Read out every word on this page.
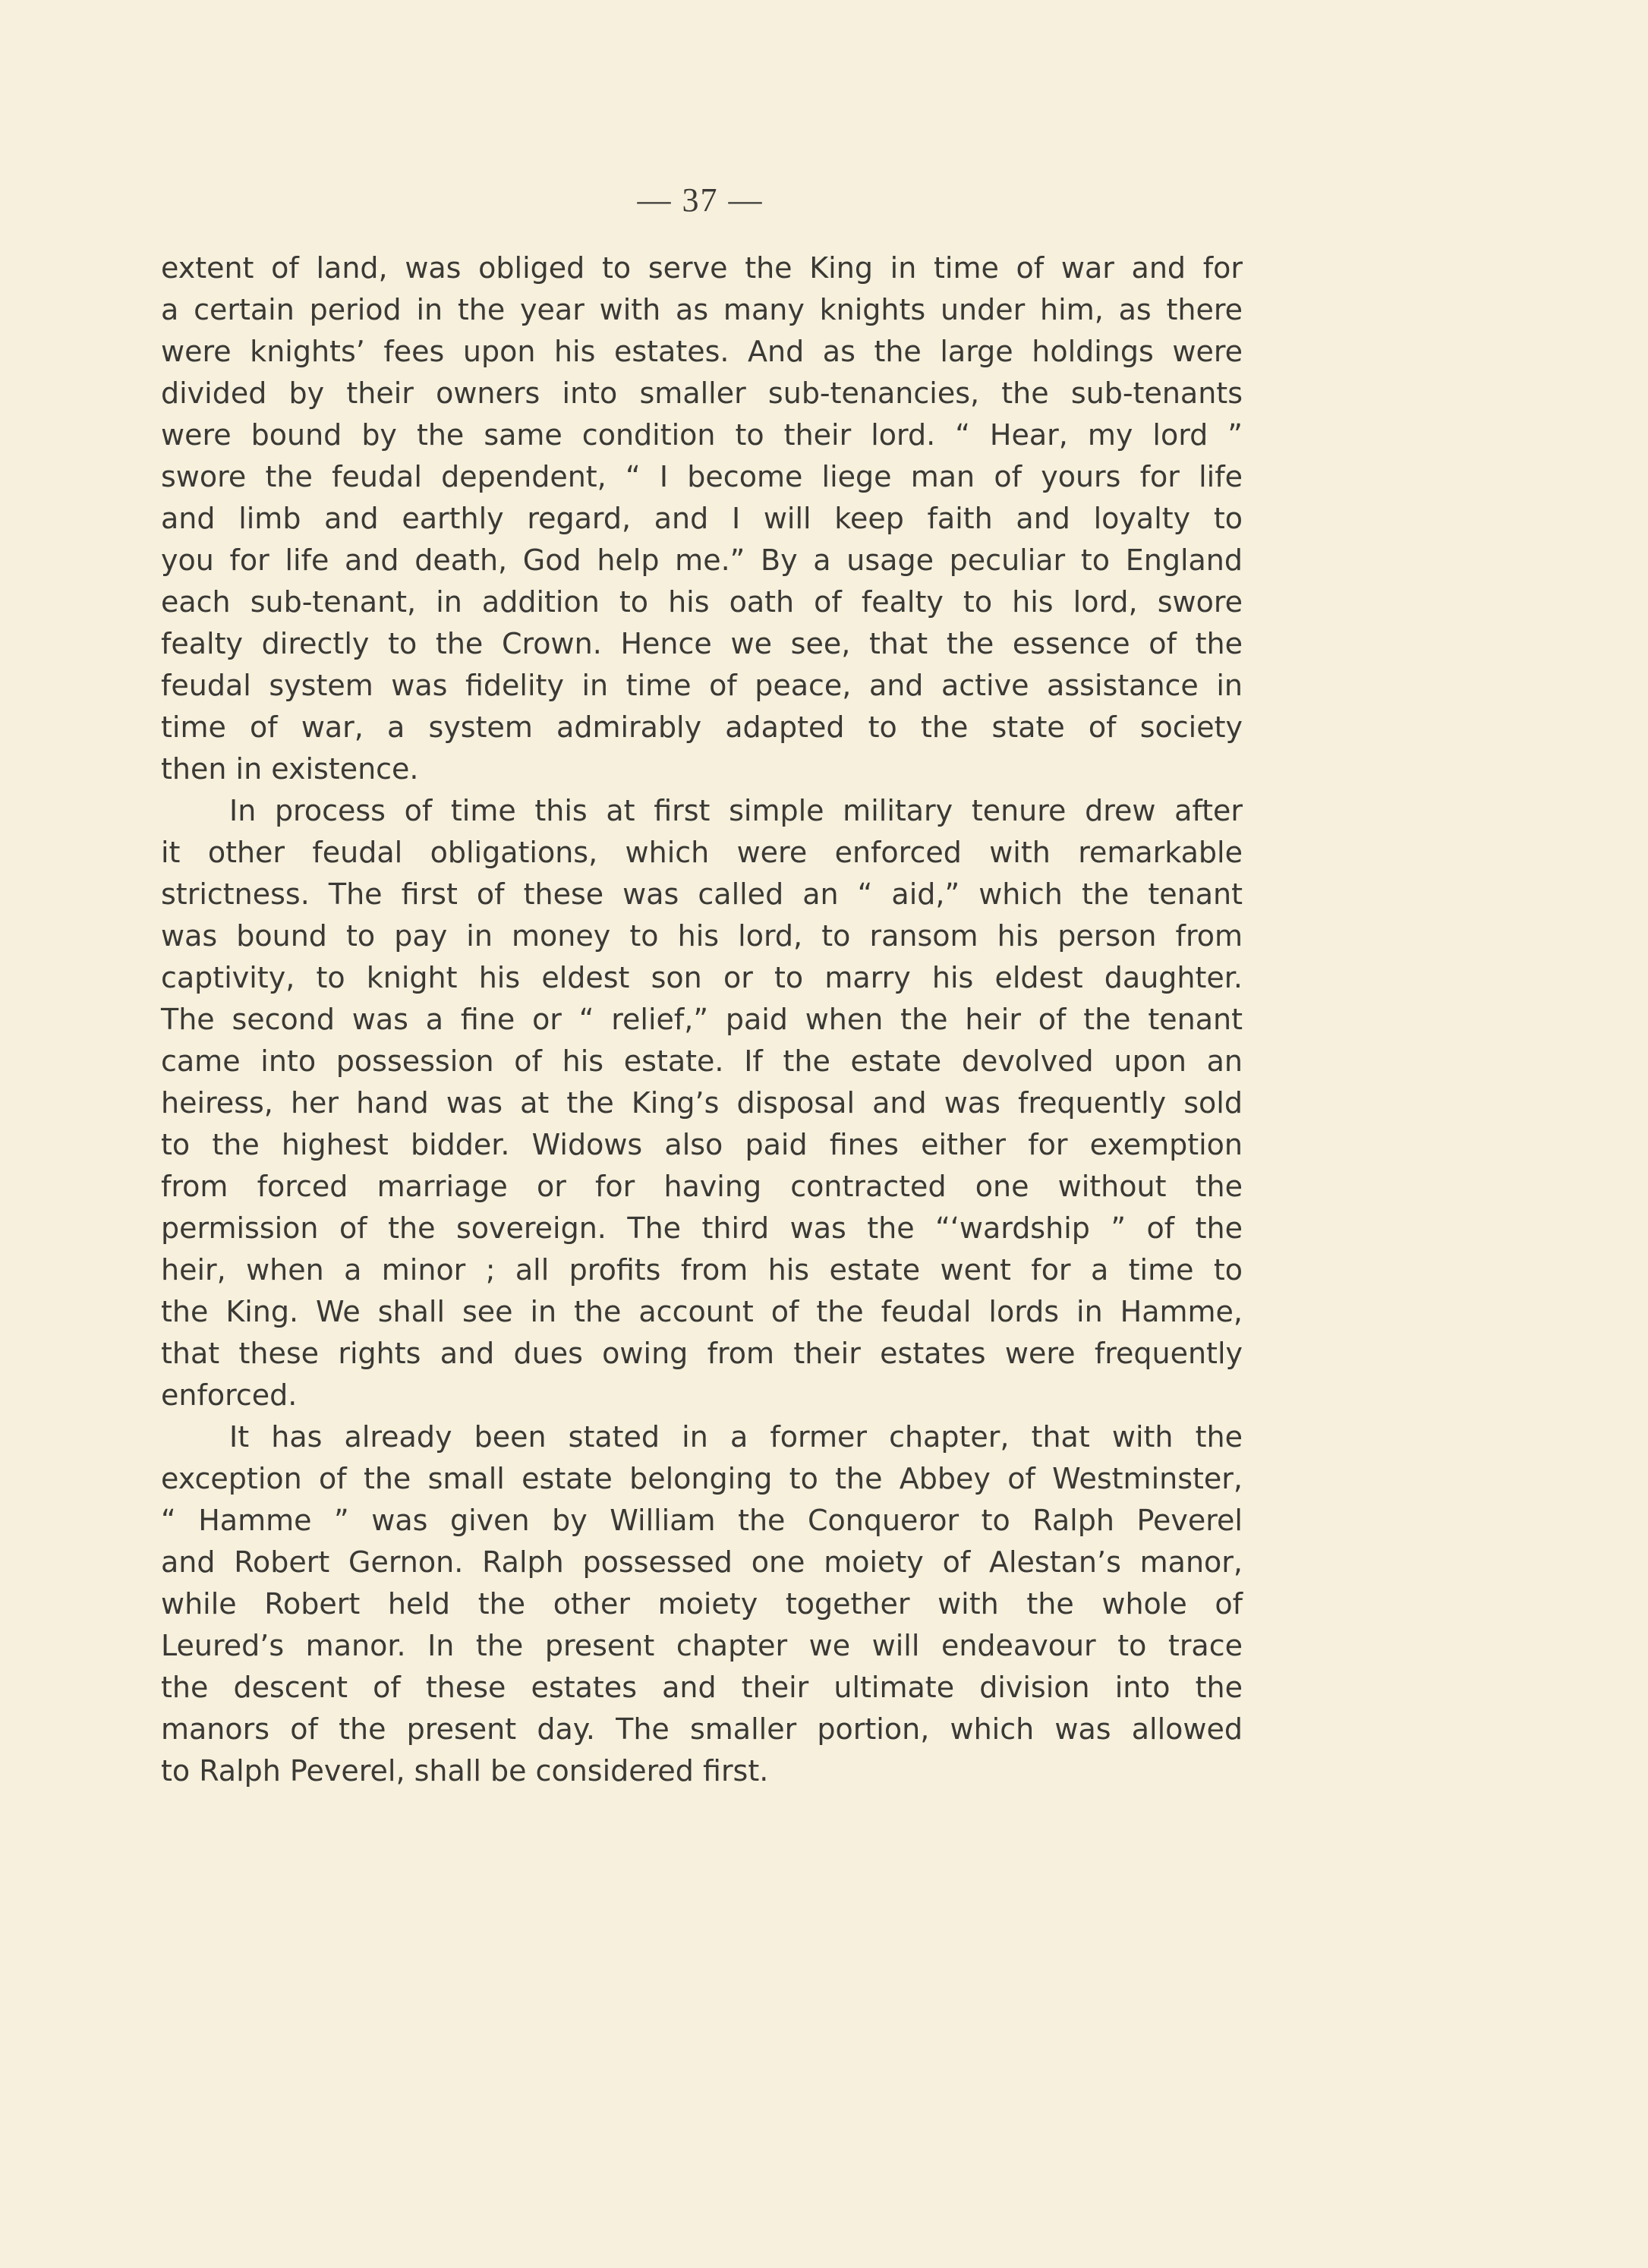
— 37 —
extent of land, was obliged to serve the King in time of war and for
a certain period in the year with as many knights under him, as there
were knights’ fees upon his estates. And as the large holdings were
divided by their owners into smaller sub-tenancies, the sub-tenants
were bound by the same condition to their lord. “ Hear, my lord ”
swore the feudal dependent, “ I become liege man of yours for life
and limb and earthly regard, and I will keep faith and loyalty to
you for life and death, God help me.” By a usage peculiar to England
each sub-tenant, in addition to his oath of fealty to his lord, swore
fealty directly to the Crown. Hence we see, that the essence of the
feudal system was fidelity in time of peace, and active assistance in
time of war, a system admirably adapted to the state of society
then in existence.
In process of time this at first simple military tenure drew after
it other feudal obligations, which were enforced with remarkable
strictness. The first of these was called an “ aid,” which the tenant
was bound to pay in money to his lord, to ransom his person from
captivity, to knight his eldest son or to marry his eldest daughter.
The second was a fine or “ relief,” paid when the heir of the tenant
came into possession of his estate. If the estate devolved upon an
heiress, her hand was at the King’s disposal and was frequently sold
to the highest bidder. Widows also paid fines either for exemption
from forced marriage or for having contracted one without the
permission of the sovereign. The third was the “‘wardship ” of the
heir, when a minor ; all profits from his estate went for a time to
the King. We shall see in the account of the feudal lords in Hamme,
that these rights and dues owing from their estates were frequently
enforced.
It has already been stated in a former chapter, that with the
exception of the small estate belonging to the Abbey of Westminster,
“ Hamme ” was given by William the Conqueror to Ralph Peverel
and Robert Gernon. Ralph possessed one moiety of Alestan’s manor,
while Robert held the other moiety together with the whole of
Leured’s manor. In the present chapter we will endeavour to trace
the descent of these estates and their ultimate division into the
manors of the present day. The smaller portion, which was allowed
to Ralph Peverel, shall be considered first.
